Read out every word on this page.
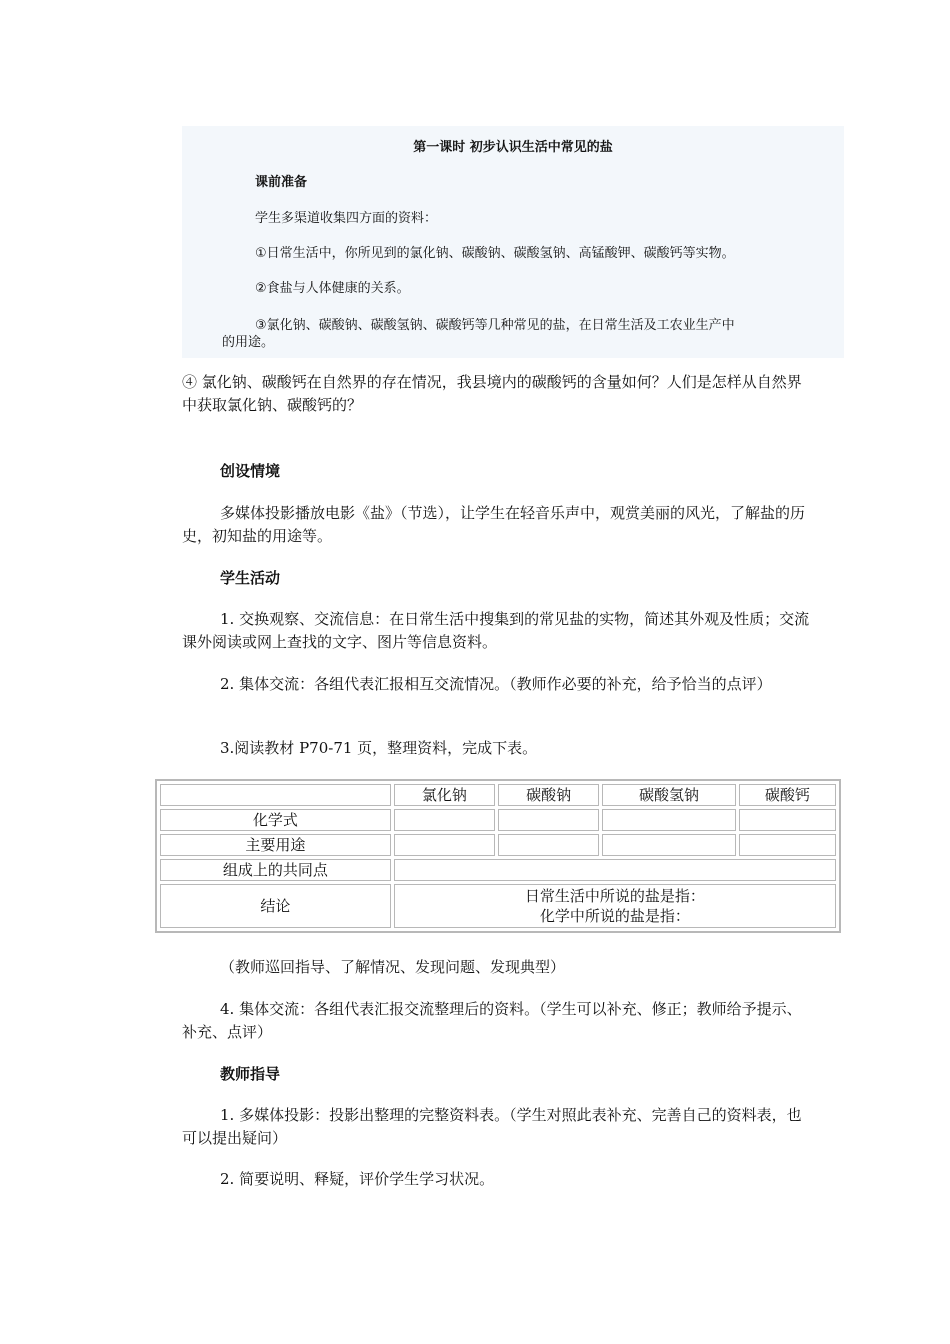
第一课时 初步认识生活中常见的盐
课前准备
学生多渠道收集四方面的资料：
①日常生活中，你所见到的氯化钠、碳酸钠、碳酸氢钠、高锰酸钾、碳酸钙等实物。
②食盐与人体健康的关系。
③氯化钠、碳酸钠、碳酸氢钠、碳酸钙等几种常见的盐，在日常生活及工农业生产中
的用途。

④ 氯化钠、碳酸钙在自然界的存在情况，我县境内的碳酸钙的含量如何？人们是怎样从自然界中获取氯化钠、碳酸钙的？

创设情境

多媒体投影播放电影《盐》（节选），让学生在轻音乐声中，观赏美丽的风光，了解盐的历史，初知盐的用途等。

学生活动

1. 交换观察、交流信息：在日常生活中搜集到的常见盐的实物，简述其外观及性质；交流课外阅读或网上查找的文字、图片等信息资料。

2. 集体交流：各组代表汇报相互交流情况。（教师作必要的补充，给予恰当的点评）

3.阅读教材 P70-71 页，整理资料，完成下表。

	氯化钠	碳酸钠	碳酸氢钠	碳酸钙
化学式				
主要用途				
组成上的共同点				
结论	日常生活中所说的盐是指：
化学中所说的盐是指：			

（教师巡回指导、了解情况、发现问题、发现典型）

4. 集体交流：各组代表汇报交流整理后的资料。（学生可以补充、修正；教师给予提示、补充、点评）

教师指导

1. 多媒体投影：投影出整理的完整资料表。（学生对照此表补充、完善自己的资料表，也可以提出疑问）

2. 简要说明、释疑，评价学生学习状况。
